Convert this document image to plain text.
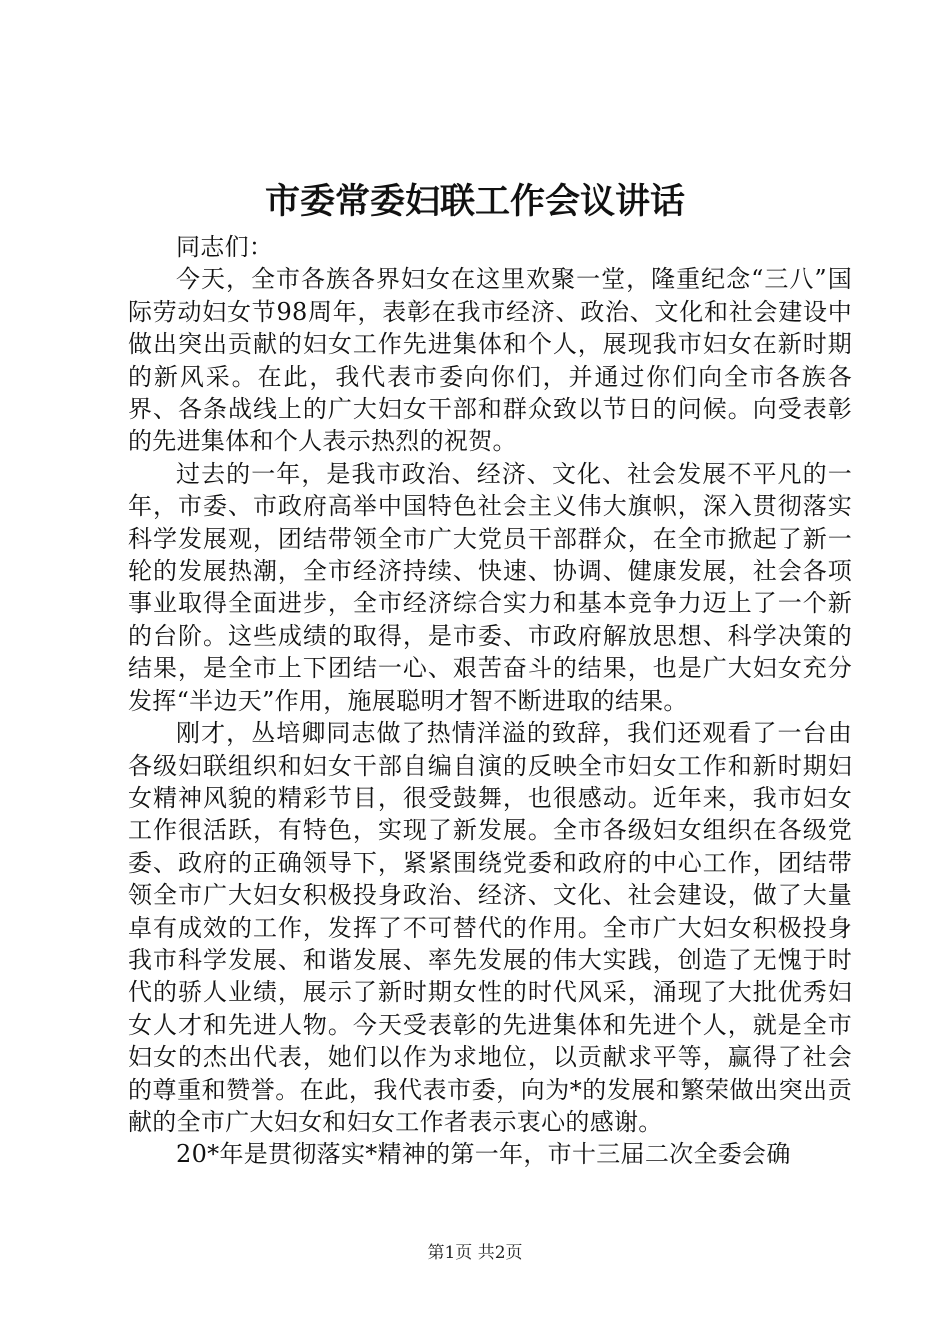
市委常委妇联工作会议讲话

同志们：

今天，全市各族各界妇女在这里欢聚一堂，隆重纪念“三八”国际劳动妇女节98周年，表彰在我市经济、政治、文化和社会建设中做出突出贡献的妇女工作先进集体和个人，展现我市妇女在新时期的新风采。在此，我代表市委向你们，并通过你们向全市各族各界、各条战线上的广大妇女干部和群众致以节日的问候。向受表彰的先进集体和个人表示热烈的祝贺。

过去的一年，是我市政治、经济、文化、社会发展不平凡的一年，市委、市政府高举中国特色社会主义伟大旗帜，深入贯彻落实科学发展观，团结带领全市广大党员干部群众，在全市掀起了新一轮的发展热潮，全市经济持续、快速、协调、健康发展，社会各项事业取得全面进步，全市经济综合实力和基本竞争力迈上了一个新的台阶。这些成绩的取得，是市委、市政府解放思想、科学决策的结果，是全市上下团结一心、艰苦奋斗的结果，也是广大妇女充分发挥“半边天”作用，施展聪明才智不断进取的结果。

刚才，丛培卿同志做了热情洋溢的致辞，我们还观看了一台由各级妇联组织和妇女干部自编自演的反映全市妇女工作和新时期妇女精神风貌的精彩节目，很受鼓舞，也很感动。近年来，我市妇女工作很活跃，有特色，实现了新发展。全市各级妇女组织在各级党委、政府的正确领导下，紧紧围绕党委和政府的中心工作，团结带领全市广大妇女积极投身政治、经济、文化、社会建设，做了大量卓有成效的工作，发挥了不可替代的作用。全市广大妇女积极投身我市科学发展、和谐发展、率先发展的伟大实践，创造了无愧于时代的骄人业绩，展示了新时期女性的时代风采，涌现了大批优秀妇女人才和先进人物。今天受表彰的先进集体和先进个人，就是全市妇女的杰出代表，她们以作为求地位，以贡献求平等，赢得了社会的尊重和赞誉。在此，我代表市委，向为*的发展和繁荣做出突出贡献的全市广大妇女和妇女工作者表示衷心的感谢。

20*年是贯彻落实*精神的第一年，市十三届二次全委会确

第1页 共2页
